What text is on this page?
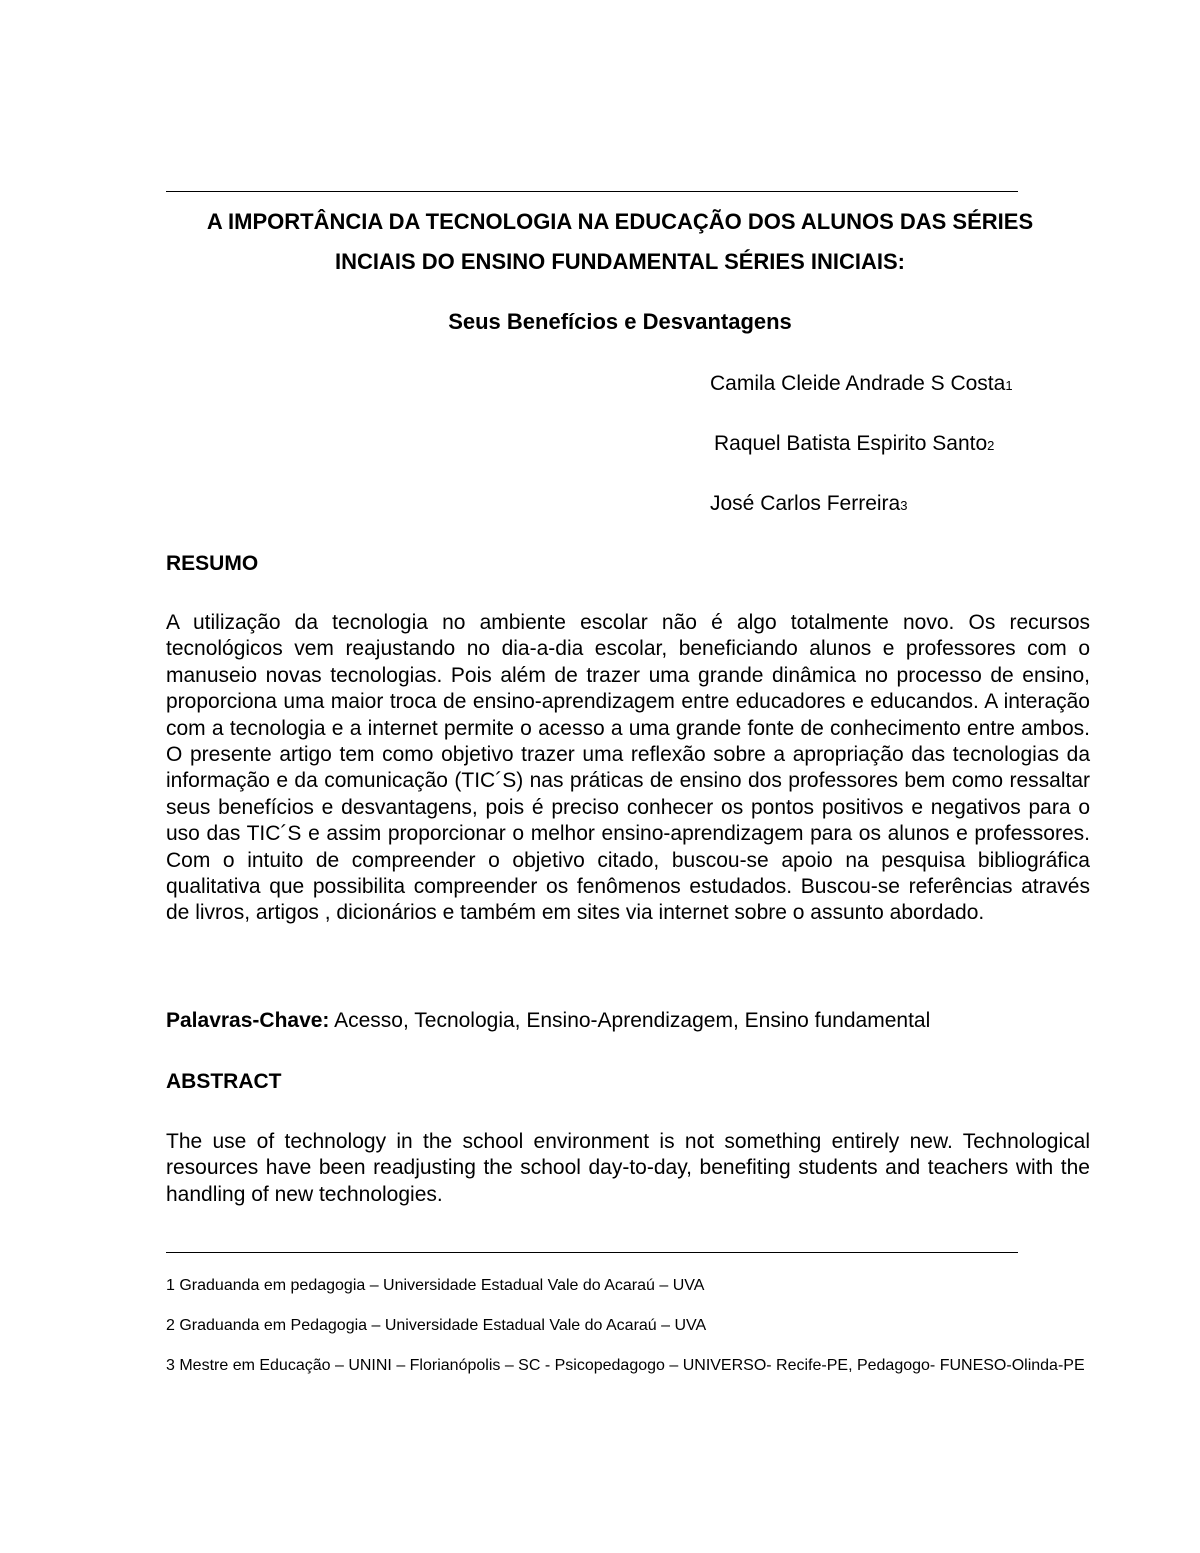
A IMPORTÂNCIA DA TECNOLOGIA NA EDUCAÇÃO DOS ALUNOS DAS SÉRIES
INCIAIS DO ENSINO FUNDAMENTAL SÉRIES INICIAIS:
Seus Benefícios e Desvantagens
Camila Cleide Andrade S Costa1
Raquel Batista Espirito Santo2
José Carlos Ferreira3
RESUMO

A utilização da tecnologia no ambiente escolar não é algo totalmente novo. Os recursos tecnológicos vem reajustando no dia-a-dia escolar, beneficiando alunos e professores com o manuseio novas tecnologias. Pois além de trazer uma grande dinâmica no processo de ensino, proporciona uma maior troca de ensino-aprendizagem entre educadores e educandos. A interação com a tecnologia e a internet permite o acesso a uma grande fonte de conhecimento entre ambos. O presente artigo tem como objetivo trazer uma reflexão sobre a apropriação das tecnologias da informação e da comunicação (TIC´S) nas práticas de ensino dos professores bem como ressaltar seus benefícios e desvantagens, pois é preciso conhecer os pontos positivos e negativos para o uso das TIC´S e assim proporcionar o melhor ensino-aprendizagem para os alunos e professores. Com o intuito de compreender o objetivo citado, buscou-se apoio na pesquisa bibliográfica qualitativa que possibilita compreender os fenômenos estudados. Buscou-se referências através de livros, artigos , dicionários e também em sites via internet sobre o assunto abordado.

Palavras-Chave: Acesso, Tecnologia, Ensino-Aprendizagem, Ensino fundamental
ABSTRACT

The use of technology in the school environment is not something entirely new. Technological resources have been readjusting the school day-to-day, benefiting students and teachers with the handling of new technologies.

1 Graduanda em pedagogia – Universidade Estadual Vale do Acaraú – UVA

2 Graduanda em Pedagogia – Universidade Estadual Vale do Acaraú – UVA

3 Mestre em Educação – UNINI – Florianópolis – SC - Psicopedagogo – UNIVERSO- Recife-PE, Pedagogo- FUNESO-Olinda-PE
